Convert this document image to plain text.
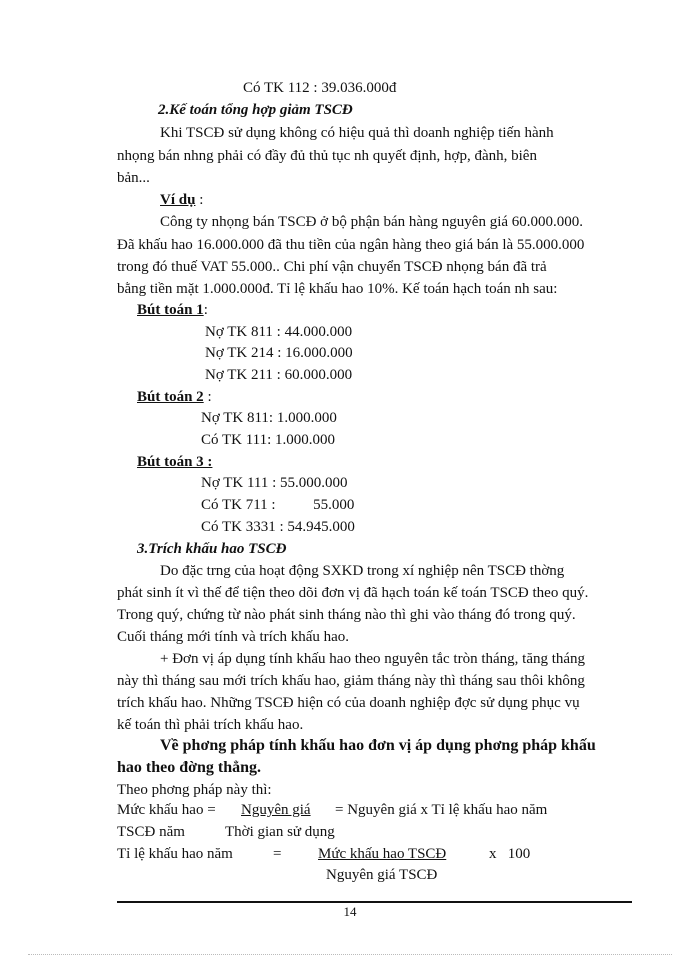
Có TK 112 : 39.036.000đ
2.Kế toán tổng hợp giảm TSCĐ
Khi TSCĐ sử dụng không có hiệu quả thì doanh nghiệp tiến hành
nhọng bán nhng phải có đầy đủ thủ tục nh quyết định, hợp, đành, biên
bản...
Ví dụ :
Công ty nhọng bán TSCĐ ở bộ phận bán hàng nguyên giá 60.000.000.
Đã khấu hao 16.000.000 đã thu tiền của ngân hàng theo giá bán là 55.000.000
trong đó thuế VAT 55.000.. Chi phí vận chuyển TSCĐ nhọng bán đã trả
bằng tiền mặt 1.000.000đ. Tỉ lệ khấu hao 10%. Kế toán hạch toán nh sau:
Bút toán 1:
Nợ TK 811 : 44.000.000
Nợ TK 214 : 16.000.000
Nợ TK 211 : 60.000.000
Bút toán 2 :
Nợ TK 811: 1.000.000
Có TK 111: 1.000.000
Bút toán 3 :
Nợ TK 111 : 55.000.000
Có TK 711 :          55.000
Có TK 3331 : 54.945.000
3.Trích khấu hao TSCĐ
Do đặc trng của hoạt động SXKD trong xí nghiệp nên TSCĐ thờng
phát sinh ít vì thế để tiện theo dõi đơn vị đã hạch toán kế toán TSCĐ theo quý.
Trong quý, chứng từ nào phát sinh tháng nào thì ghi vào tháng đó trong quý.
Cuối tháng mới tính và trích khấu hao.
+ Đơn vị áp dụng tính khấu hao theo nguyên tắc tròn tháng, tăng tháng
này thì tháng sau mới trích khấu hao, giảm tháng này thì tháng sau thôi không
trích khấu hao. Những TSCĐ hiện có của doanh nghiệp đợc sử dụng phục vụ
kế toán thì phải trích khấu hao.
Về phơng pháp tính khấu hao đơn vị áp dụng phơng pháp khấu
hao theo đờng thẳng.
Theo phơng pháp này thì:
Mức khấu hao = Nguyên giá = Nguyên giá x Tỉ lệ khấu hao năm
TSCĐ năm	Thời gian sử dụng
Tỉ lệ khấu hao năm	= Mức khấu hao TSCĐ	x   100
Nguyên giá TSCĐ
14
